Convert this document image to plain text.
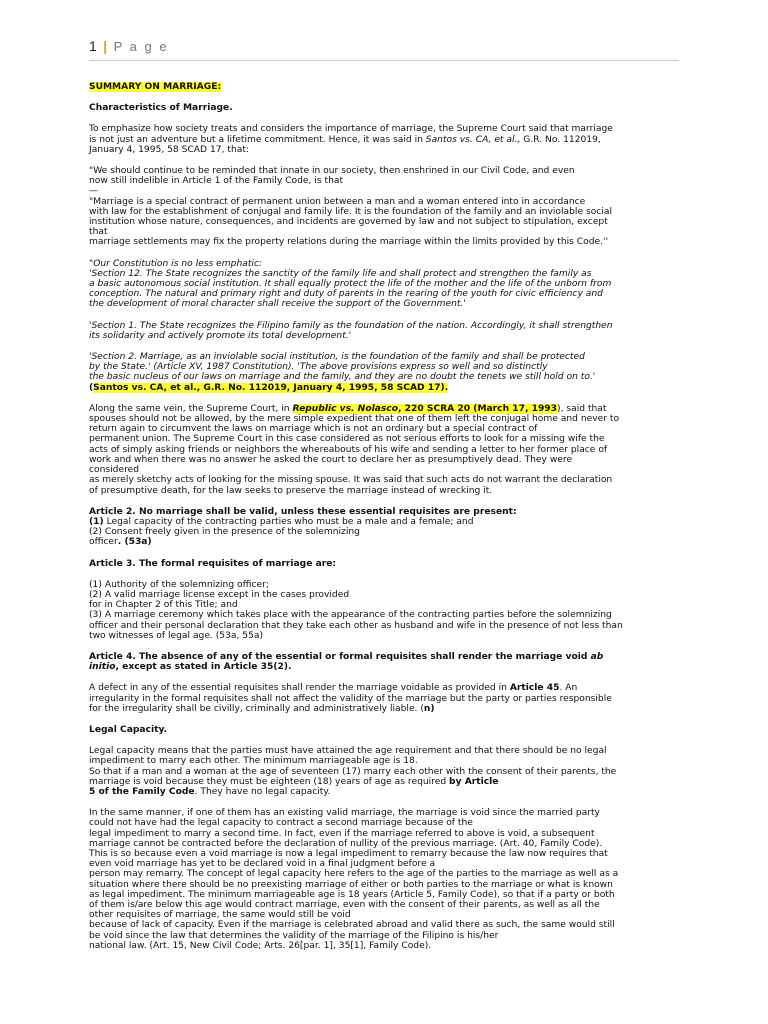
1 | P a g e

SUMMARY ON MARRIAGE:

Characteristics of Marriage.

To emphasize how society treats and considers the importance of marriage, the Supreme Court said that marriage

is not just an adventure but a lifetime commitment. Hence, it was said in Santos vs. CA, et al., G.R. No. 112019,

January 4, 1995, 58 SCAD 17, that:

"We should continue to be reminded that innate in our society, then enshrined in our Civil Code, and even

now still indelible in Article 1 of the Family Code, is that

—

"Marriage is a special contract of permanent union between a man and a woman entered into in accordance

with law for the establishment of conjugal and family life. It is the foundation of the family and an inviolable social

institution whose nature, consequences, and incidents are governed by law and not subject to stipulation, except

that

marriage settlements may fix the property relations during the marriage within the limits provided by this Code.''

"Our Constitution is no less emphatic:

'Section 12. The State recognizes the sanctity of the family life and shall protect and strengthen the family as

a basic autonomous social institution. It shall equally protect the life of the mother and the life of the unborn from

conception. The natural and primary right and duty of parents in the rearing of the youth for civic efficiency and

the development of moral character shall receive the support of the Government.'

'Section 1. The State recognizes the Filipino family as the foundation of the nation. Accordingly, it shall strengthen

its solidarity and actively promote its total development.'

'Section 2. Marriage, as an inviolable social institution, is the foundation of the family and shall be protected

by the State.' (Article XV, 1987 Constitution). 'The above provisions express so well and so distinctly

the basic nucleus of our laws on marriage and the family, and they are no doubt the tenets we still hold on to.'

(Santos vs. CA, et al., G.R. No. 112019, January 4, 1995, 58 SCAD 17).

Along the same vein, the Supreme Court, in Republic vs. Nolasco, 220 SCRA 20 (March 17, 1993), said that

spouses should not be allowed, by the mere simple expedient that one of them left the conjugal home and never to

return again to circumvent the laws on marriage which is not an ordinary but a special contract of

permanent union. The Supreme Court in this case considered as not serious efforts to look for a missing wife the

acts of simply asking friends or neighbors the whereabouts of his wife and sending a letter to her former place of

work and when there was no answer he asked the court to declare her as presumptively dead. They were

considered

as merely sketchy acts of looking for the missing spouse. It was said that such acts do not warrant the declaration

of presumptive death, for the law seeks to preserve the marriage instead of wrecking it.

Article 2. No marriage shall be valid, unless these essential requisites are present:

(1) Legal capacity of the contracting parties who must be a male and a female; and

(2) Consent freely given in the presence of the solemnizing

officer. (53a)

Article 3. The formal requisites of marriage are:

(1) Authority of the solemnizing officer;

(2) A valid marriage license except in the cases provided

for in Chapter 2 of this Title; and

(3) A marriage ceremony which takes place with the appearance of the contracting parties before the solemnizing

officer and their personal declaration that they take each other as husband and wife in the presence of not less than

two witnesses of legal age. (53a, 55a)

Article 4. The absence of any of the essential or formal requisites shall render the marriage void ab

initio, except as stated in Article 35(2).

A defect in any of the essential requisites shall render the marriage voidable as provided in Article 45. An

irregularity in the formal requisites shall not affect the validity of the marriage but the party or parties responsible

for the irregularity shall be civilly, criminally and administratively liable. (n)

Legal Capacity.

Legal capacity means that the parties must have attained the age requirement and that there should be no legal

impediment to marry each other. The minimum marriageable age is 18.

So that if a man and a woman at the age of seventeen (17) marry each other with the consent of their parents, the

marriage is void because they must be eighteen (18) years of age as required by Article

5 of the Family Code. They have no legal capacity.

In the same manner, if one of them has an existing valid marriage, the marriage is void since the married party

could not have had the legal capacity to contract a second marriage because of the

legal impediment to marry a second time. In fact, even if the marriage referred to above is void, a subsequent

marriage cannot be contracted before the declaration of nullity of the previous marriage. (Art. 40, Family Code).

This is so because even a void marriage is now a legal impediment to remarry because the law now requires that

even void marriage has yet to be declared void in a final judgment before a

person may remarry. The concept of legal capacity here refers to the age of the parties to the marriage as well as a

situation where there should be no preexisting marriage of either or both parties to the marriage or what is known

as legal impediment. The minimum marriageable age is 18 years (Article 5, Family Code), so that if a party or both

of them is/are below this age would contract marriage, even with the consent of their parents, as well as all the

other requisites of marriage, the same would still be void

because of lack of capacity. Even if the marriage is celebrated abroad and valid there as such, the same would still

be void since the law that determines the validity of the marriage of the Filipino is his/her

national law. (Art. 15, New Civil Code; Arts. 26[par. 1], 35[1], Family Code).
